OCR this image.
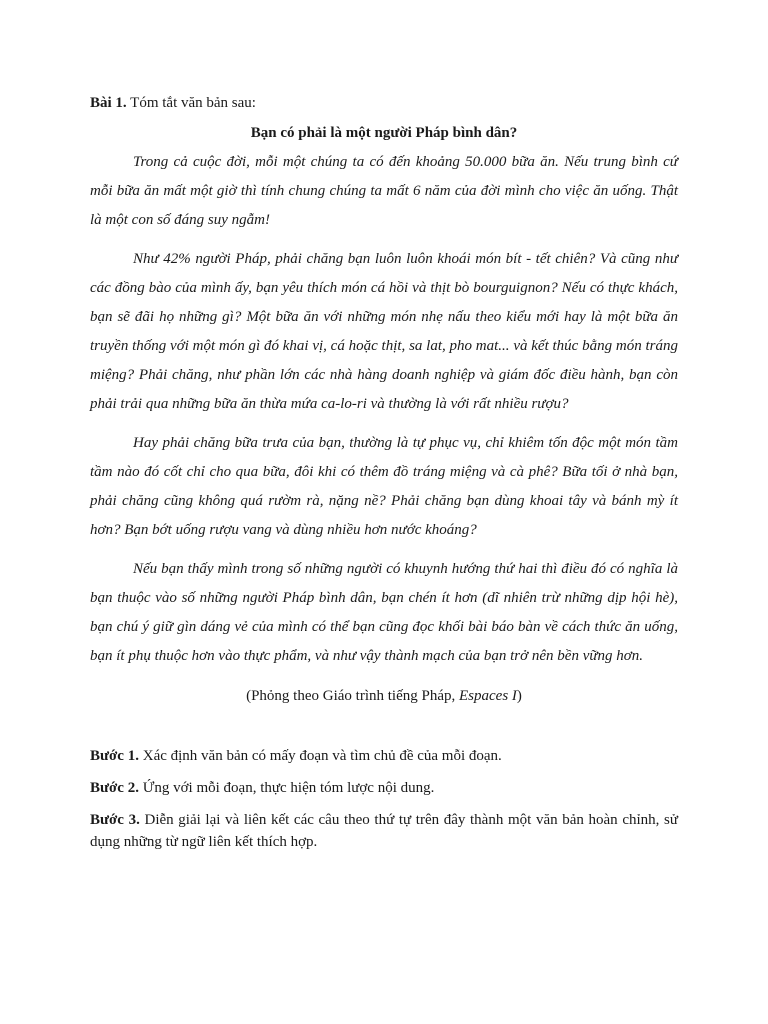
Bài 1. Tóm tắt văn bản sau:

Bạn có phải là một người Pháp bình dân?

Trong cả cuộc đời, mỗi một chúng ta có đến khoảng 50.000 bữa ăn. Nếu trung bình cứ mỗi bữa ăn mất một giờ thì tính chung chúng ta mất 6 năm của đời mình cho việc ăn uống. Thật là một con số đáng suy ngẫm!

Như 42% người Pháp, phải chăng bạn luôn luôn khoái món bít - tết chiên? Và cũng như các đồng bào của mình ấy, bạn yêu thích món cá hồi và thịt bò bourguignon? Nếu có thực khách, bạn sẽ đãi họ những gì? Một bữa ăn với những món nhẹ nấu theo kiểu mới hay là một bữa ăn truyền thống với một món gì đó khai vị, cá hoặc thịt, sa lat, pho mat... và kết thúc bằng món tráng miệng? Phải chăng, như phần lớn các nhà hàng doanh nghiệp và giám đốc điều hành, bạn còn phải trải qua những bữa ăn thừa mứa ca-lo-ri và thường là với rất nhiều rượu?

Hay phải chăng bữa trưa của bạn, thường là tự phục vụ, chỉ khiêm tốn độc một món tầm tầm nào đó cốt chỉ cho qua bữa, đôi khi có thêm đồ tráng miệng và cà phê? Bữa tối ở nhà bạn, phải chăng cũng không quá rườm rà, nặng nề? Phải chăng bạn dùng khoai tây và bánh mỳ ít hơn? Bạn bớt uống rượu vang và dùng nhiều hơn nước khoáng?

Nếu bạn thấy mình trong số những người có khuynh hướng thứ hai thì điều đó có nghĩa là bạn thuộc vào số những người Pháp bình dân, bạn chén ít hơn (dĩ nhiên trừ những dịp hội hè), bạn chú ý giữ gìn dáng vẻ của mình có thể bạn cũng đọc khối bài báo bàn về cách thức ăn uống, bạn ít phụ thuộc hơn vào thực phẩm, và như vậy thành mạch của bạn trở nên bền vững hơn.

(Phỏng theo Giáo trình tiếng Pháp, Espaces I)

Bước 1. Xác định văn bản có mấy đoạn và tìm chủ đề của mỗi đoạn.

Bước 2. Ứng với mỗi đoạn, thực hiện tóm lược nội dung.

Bước 3. Diễn giải lại và liên kết các câu theo thứ tự trên đây thành một văn bản hoàn chỉnh, sử dụng những từ ngữ liên kết thích hợp.
